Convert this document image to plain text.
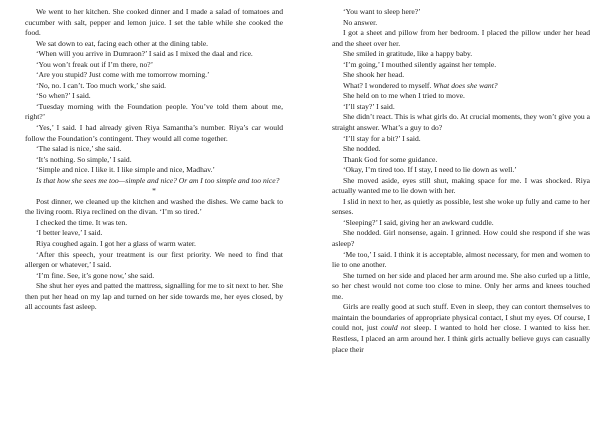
We went to her kitchen. She cooked dinner and I made a salad of tomatoes and cucumber with salt, pepper and lemon juice. I set the table while she cooked the food.

We sat down to eat, facing each other at the dining table.

‘When will you arrive in Dumraon?’ I said as I mixed the daal and rice.

‘You won’t freak out if I’m there, no?’

‘Are you stupid? Just come with me tomorrow morning.’

‘No, no. I can’t. Too much work,’ she said.

‘So when?’ I said.

‘Tuesday morning with the Foundation people. You’ve told them about me, right?’

‘Yes,’ I said. I had already given Riya Samantha’s number. Riya’s car would follow the Foundation’s contingent. They would all come together.

‘The salad is nice,’ she said.

‘It’s nothing. So simple,’ I said.

‘Simple and nice. I like it. I like simple and nice, Madhav.’

Is that how she sees me too—simple and nice? Or am I too simple and too nice?

*

Post dinner, we cleaned up the kitchen and washed the dishes. We came back to the living room. Riya reclined on the divan. ‘I’m so tired.’

I checked the time. It was ten.

‘I better leave,’ I said.

Riya coughed again. I got her a glass of warm water.

‘After this speech, your treatment is our first priority. We need to find that allergen or whatever,’ I said.

‘I’m fine. See, it’s gone now,’ she said.

She shut her eyes and patted the mattress, signalling for me to sit next to her. She then put her head on my lap and turned on her side towards me, her eyes closed, by all accounts fast asleep.

‘You want to sleep here?’

No answer.

I got a sheet and pillow from her bedroom. I placed the pillow under her head and the sheet over her.

She smiled in gratitude, like a happy baby.

‘I’m going,’ I mouthed silently against her temple.

She shook her head.

What? I wondered to myself. What does she want?

She held on to me when I tried to move.

‘I’ll stay?’ I said.

She didn’t react. This is what girls do. At crucial moments, they won’t give you a straight answer. What’s a guy to do?

‘I’ll stay for a bit?’ I said.

She nodded.

Thank God for some guidance.

‘Okay, I’m tired too. If I stay, I need to lie down as well.’

She moved aside, eyes still shut, making space for me. I was shocked. Riya actually wanted me to lie down with her.

I slid in next to her, as quietly as possible, lest she woke up fully and came to her senses.

‘Sleeping?’ I said, giving her an awkward cuddle.

She nodded. Girl nonsense, again. I grinned. How could she respond if she was asleep?

‘Me too,’ I said. I think it is acceptable, almost necessary, for men and women to lie to one another.

She turned on her side and placed her arm around me. She also curled up a little, so her chest would not come too close to mine. Only her arms and knees touched me.

Girls are really good at such stuff. Even in sleep, they can contort themselves to maintain the boundaries of appropriate physical contact, I shut my eyes. Of course, I could not, just could not sleep. I wanted to hold her close. I wanted to kiss her. Restless, I placed an arm around her. I think girls actually believe guys can casually place their
